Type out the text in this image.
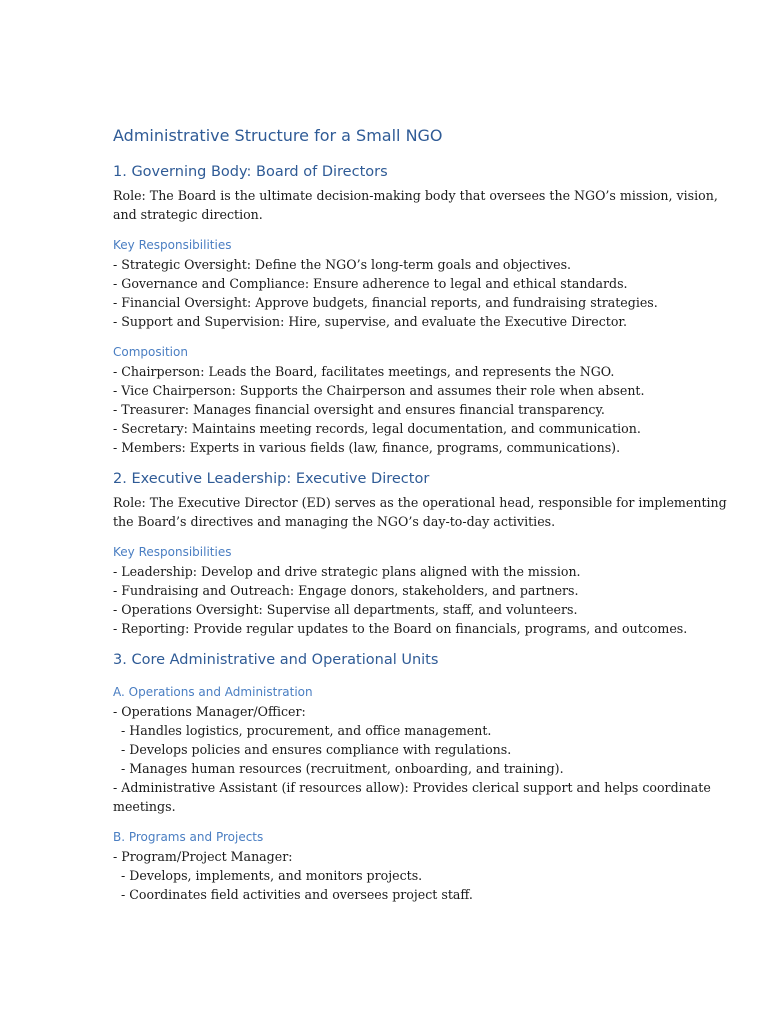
Administrative Structure for a Small NGO
1. Governing Body: Board of Directors

Role: The Board is the ultimate decision-making body that oversees the NGO’s mission, vision, and strategic direction.

Key Responsibilities

- Strategic Oversight: Define the NGO’s long-term goals and objectives.

- Governance and Compliance: Ensure adherence to legal and ethical standards.

- Financial Oversight: Approve budgets, financial reports, and fundraising strategies.

- Support and Supervision: Hire, supervise, and evaluate the Executive Director.

Composition

- Chairperson: Leads the Board, facilitates meetings, and represents the NGO.

- Vice Chairperson: Supports the Chairperson and assumes their role when absent.

- Treasurer: Manages financial oversight and ensures financial transparency.

- Secretary: Maintains meeting records, legal documentation, and communication.

- Members: Experts in various fields (law, finance, programs, communications).

2. Executive Leadership: Executive Director

Role: The Executive Director (ED) serves as the operational head, responsible for implementing the Board’s directives and managing the NGO’s day-to-day activities.

Key Responsibilities

- Leadership: Develop and drive strategic plans aligned with the mission.

- Fundraising and Outreach: Engage donors, stakeholders, and partners.

- Operations Oversight: Supervise all departments, staff, and volunteers.

- Reporting: Provide regular updates to the Board on financials, programs, and outcomes.

3. Core Administrative and Operational Units
A. Operations and Administration

- Operations Manager/Officer:

- Handles logistics, procurement, and office management.

- Develops policies and ensures compliance with regulations.

- Manages human resources (recruitment, onboarding, and training).

- Administrative Assistant (if resources allow): Provides clerical support and helps coordinate meetings.

B. Programs and Projects

- Program/Project Manager:

- Develops, implements, and monitors projects.

- Coordinates field activities and oversees project staff.
